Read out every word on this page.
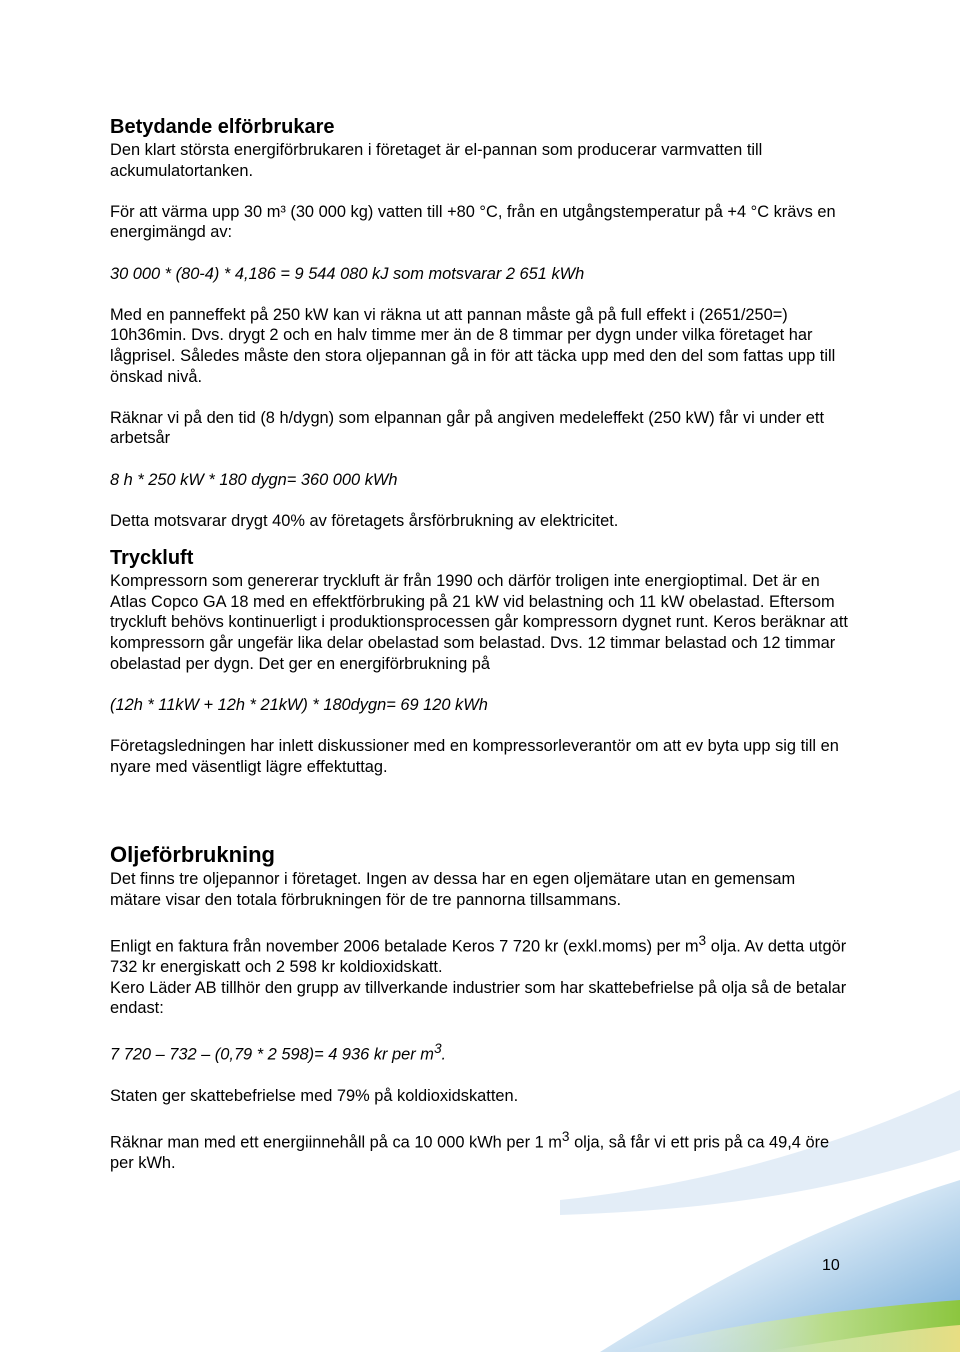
Betydande elförbrukare

Den klart största energiförbrukaren i företaget är el-pannan som producerar varmvatten till ackumulatortanken.

För att värma upp 30 m³ (30 000 kg) vatten till +80 °C, från en utgångstemperatur på +4 °C krävs en energimängd av:

30 000 * (80-4) * 4,186 = 9 544 080 kJ som motsvarar 2 651 kWh

Med en panneffekt på 250 kW kan vi räkna ut att pannan måste gå på full effekt i (2651/250=) 10h36min. Dvs. drygt 2 och en halv timme mer än de 8 timmar per dygn under vilka företaget har lågprisel. Således måste den stora oljepannan gå in för att täcka upp med den del som fattas upp till önskad nivå.

Räknar vi på den tid (8 h/dygn) som elpannan går på angiven medeleffekt (250 kW) får vi under ett arbetsår

8 h * 250 kW * 180 dygn= 360 000 kWh

Detta motsvarar drygt 40% av företagets årsförbrukning av elektricitet.

Tryckluft

Kompressorn som genererar tryckluft är från 1990 och därför troligen inte energioptimal. Det är en Atlas Copco GA 18 med en effektförbruking på 21 kW vid belastning och 11 kW obelastad. Eftersom tryckluft behövs kontinuerligt i produktionsprocessen går kompressorn dygnet runt. Keros beräknar att kompressorn går ungefär lika delar obelastad som belastad. Dvs. 12 timmar belastad och 12 timmar obelastad per dygn. Det ger en energiförbrukning på

(12h * 11kW + 12h * 21kW) * 180dygn= 69 120 kWh

Företagsledningen har inlett diskussioner med en kompressorleverantör om att ev byta upp sig till en nyare med väsentligt lägre effektuttag.

Oljeförbrukning

Det finns tre oljepannor i företaget. Ingen av dessa har en egen oljemätare utan en gemensam mätare visar den totala förbrukningen för de tre pannorna tillsammans.

Enligt en faktura från november 2006 betalade Keros 7 720 kr (exkl.moms) per $m^3$ olja. Av detta utgör 732 kr energiskatt och 2 598 kr koldioxidskatt.

Kero Läder AB tillhör den grupp av tillverkande industrier som har skattebefrielse på olja så de betalar endast:

7 720 – 732 – (0,79 * 2 598)= 4 936 kr per $m^3$.

Staten ger skattebefrielse med 79% på koldioxidskatten.

Räknar man med ett energiinnehåll på ca 10 000 kWh per 1 $m^3$ olja, så får vi ett pris på ca 49,4 öre per kWh.

10
